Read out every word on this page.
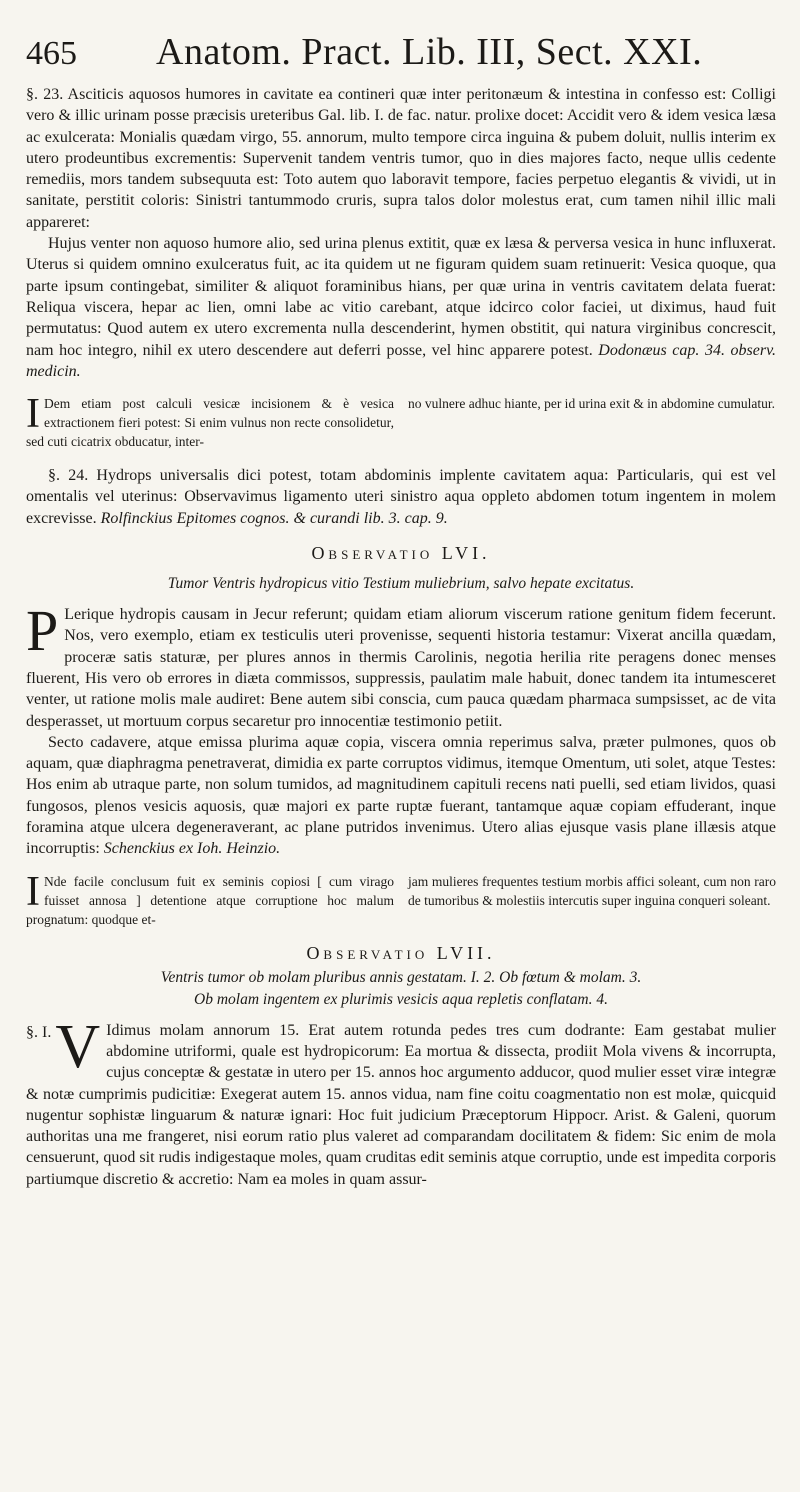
465	Anatom. Pract. Lib. III, Sect. XXI.

§. 23. Asciticis aquosos humores in cavitate ea contineri quæ inter peritonæum & intestina in confesso est: Colligi vero & illic urinam posse præcisis ureteribus Gal. lib. I. de fac. natur. prolixe docet: Accidit vero & idem vesica læsa ac exulcerata: Monialis quædam virgo, 55. annorum, multo tempore circa inguina & pubem doluit, nullis interim ex utero prodeuntibus excrementis: Supervenit tandem ventris tumor, quo in dies majores facto, neque ullis cedente remediis, mors tandem subsequuta est: Toto autem quo laboravit tempore, facies perpetuo elegantis & vividi, ut in sanitate, perstitit coloris: Sinistri tantummodo cruris, supra talos dolor molestus erat, cum tamen nihil illic mali appareret:

Hujus venter non aquoso humore alio, sed urina plenus extitit, quæ ex læsa & perversa vesica in hunc influxerat. Uterus si quidem omnino exulceratus fuit, ac ita quidem ut ne figuram quidem suam retinuerit: Vesica quoque, qua parte ipsum contingebat, similiter & aliquot foraminibus hians, per quæ urina in ventris cavitatem delata fuerat: Reliqua viscera, hepar ac lien, omni labe ac vitio carebant, atque idcirco color faciei, ut diximus, haud fuit permutatus: Quod autem ex utero excrementa nulla descenderint, hymen obstitit, qui natura virginibus concrescit, nam hoc integro, nihil ex utero descendere aut deferri posse, vel hinc apparere potest. Dodonæus cap. 34. observ. medicin.

I Dem etiam post calculi vesicæ incisionem & è vesica extractionem fieri potest: Si enim vulnus non recte consolidetur, sed cuti cicatrix obducatur, inter-

no vulnere adhuc hiante, per id urina exit & in abdomine cumulatur.

§. 24. Hydrops universalis dici potest, totam abdominis implente cavitatem aqua: Particularis, qui est vel omentalis vel uterinus: Observavimus ligamento uteri sinistro aqua oppleto abdomen totum ingentem in molem excrevisse. Rolfinckius Epitomes cognos. & curandi lib. 3. cap. 9.

Observatio LVI.
Tumor Ventris hydropicus vitio Testium muliebrium, salvo hepate excitatus.

P Lerique hydropis causam in Jecur referunt; quidam etiam aliorum viscerum ratione genitum fidem fecerunt. Nos, vero exemplo, etiam ex testiculis uteri provenisse, sequenti historia testamur: Vixerat ancilla quædam, proceræ satis staturæ, per plures annos in thermis Carolinis, negotia herilia rite peragens donec menses fluerent, His vero ob errores in diæta commissos, suppressis, paulatim male habuit, donec tandem ita intumesceret venter, ut ratione molis male audiret: Bene autem sibi conscia, cum pauca quædam pharmaca sumpsisset, ac de vita desperasset, ut mortuum corpus secaretur pro innocentiæ testimonio petiit.

Secto cadavere, atque emissa plurima aquæ copia, viscera omnia reperimus salva, præter pulmones, quos ob aquam, quæ diaphragma penetraverat, dimidia ex parte corruptos vidimus, itemque Omentum, uti solet, atque Testes: Hos enim ab utraque parte, non solum tumidos, ad magnitudinem capituli recens nati puelli, sed etiam lividos, quasi fungosos, plenos vesicis aquosis, quæ majori ex parte ruptæ fuerant, tantamque aquæ copiam effuderant, inque foramina atque ulcera degeneraverant, ac plane putridos invenimus. Utero alias ejusque vasis plane illæsis atque incorruptis: Schenckius ex Ioh. Heinzio.

I Nde facile conclusum fuit ex seminis copiosi [ cum virago fuisset annosa ] detentione atque corruptione hoc malum prognatum: quodque et-

jam mulieres frequentes testium morbis affici soleant, cum non raro de tumoribus & molestiis intercutis super inguina conqueri soleant.

Observatio LVII.
Ventris tumor ob molam pluribus annis gestatam. I. 2. Ob fœtum & molam. 3.
Ob molam ingentem ex plurimis vesicis aqua repletis conflatam. 4.

§. I. V Idimus molam annorum 15. Erat autem rotunda pedes tres cum dodrante: Eam gestabat mulier abdomine utriformi, quale est hydropicorum: Ea mortua & dissecta, prodiit Mola vivens & incorrupta, cujus conceptæ & gestatæ in utero per 15. annos hoc argumento adducor, quod mulier esset viræ integræ & notæ cumprimis pudicitiæ: Exegerat autem 15. annos vidua, nam fine coitu coagmentatio non est molæ, quicquid nugentur sophistæ linguarum & naturæ ignari: Hoc fuit judicium Præceptorum Hippocr. Arist. & Galeni, quorum authoritas una me frangeret, nisi eorum ratio plus valeret ad comparandam docilitatem & fidem: Sic enim de mola censuerunt, quod sit rudis indigestaque moles, quam cruditas edit seminis atque corruptio, unde est impedita corporis partiumque discretio & accretio: Nam ea moles in quam assur-
